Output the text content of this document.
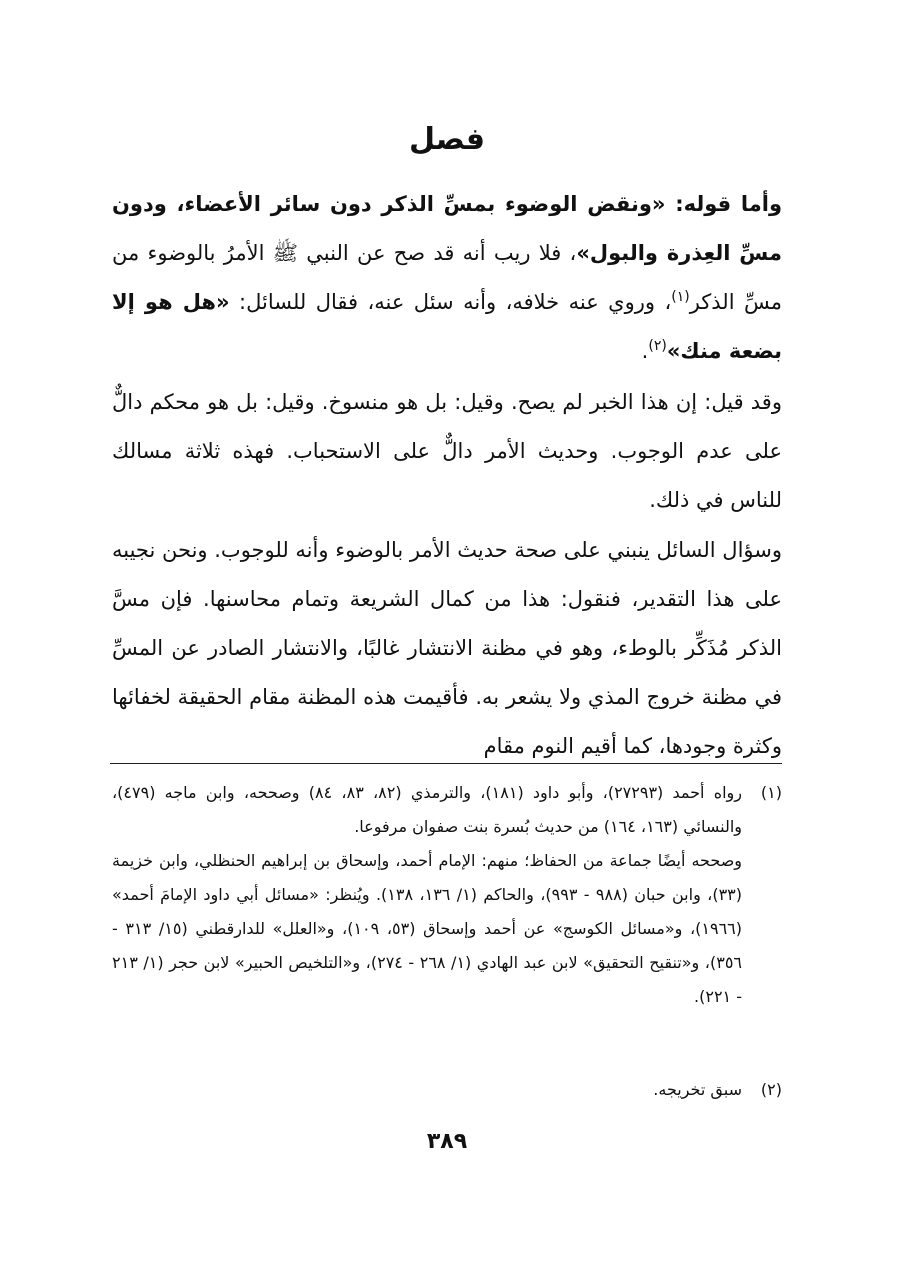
فصل

وأما قوله: «ونقض الوضوء بمسِّ الذكر دون سائر الأعضاء، ودون مسِّ العِذرة والبول»، فلا ريب أنه قد صح عن النبي ﷺ الأمرُ بالوضوء من مسِّ الذكر$^{(١)}$، وروي عنه خلافه، وأنه سئل عنه، فقال للسائل: «هل هو إلا بضعة منك»$^{(٢)}$.

وقد قيل: إن هذا الخبر لم يصح. وقيل: بل هو منسوخ. وقيل: بل هو محكم دالٌّ على عدم الوجوب. وحديث الأمر دالٌّ على الاستحباب. فهذه ثلاثة مسالك للناس في ذلك.

وسؤال السائل ينبني على صحة حديث الأمر بالوضوء وأنه للوجوب. ونحن نجيبه على هذا التقدير، فنقول: هذا من كمال الشريعة وتمام محاسنها. فإن مسَّ الذكر مُذَكِّر بالوطء، وهو في مظنة الانتشار غالبًا، والانتشار الصادر عن المسِّ في مظنة خروج المذي ولا يشعر به. فأقيمت هذه المظنة مقام الحقيقة لخفائها وكثرة وجودها، كما أقيم النوم مقام

(١)
رواه أحمد (٢٧٢٩٣)، وأبو داود (١٨١)، والترمذي (٨٢، ٨٣، ٨٤) وصححه، وابن ماجه (٤٧٩)، والنسائي (١٦٣، ١٦٤) من حديث بُسرة بنت صفوان مرفوعا.
وصححه أيضًا جماعة من الحفاظ؛ منهم: الإمام أحمد، وإسحاق بن إبراهيم الحنظلي، وابن خزيمة (٣٣)، وابن حبان (٩٨٨ - ٩٩٣)، والحاكم (١/ ١٣٦، ١٣٨). ويُنظر: «مسائل أبي داود الإمامَ أحمد» (١٩٦٦)، و«مسائل الكوسج» عن أحمد وإسحاق (٥٣، ١٠٩)، و«العلل» للدارقطني (١٥/ ٣١٣ - ٣٥٦)، و«تنقيح التحقيق» لابن عبد الهادي (١/ ٢٦٨ - ٢٧٤)، و«التلخيص الحبير» لابن حجر (١/ ٢١٣ - ٢٢١).
(٢)
سبق تخريجه.
٣٨٩
